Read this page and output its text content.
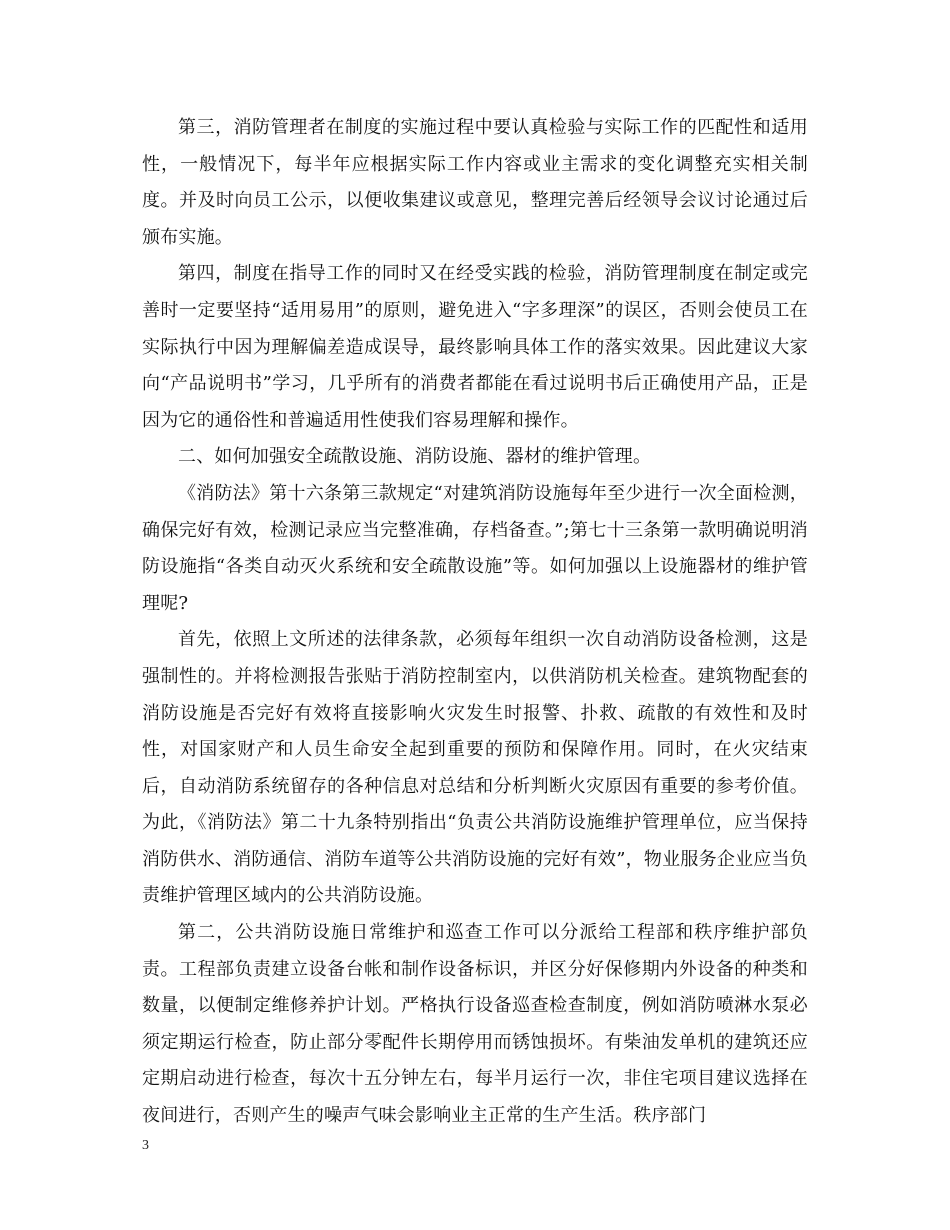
第三，消防管理者在制度的实施过程中要认真检验与实际工作的匹配性和适用性，一般情况下，每半年应根据实际工作内容或业主需求的变化调整充实相关制度。并及时向员工公示，以便收集建议或意见，整理完善后经领导会议讨论通过后颁布实施。

第四，制度在指导工作的同时又在经受实践的检验，消防管理制度在制定或完善时一定要坚持“适用易用”的原则，避免进入“字多理深”的误区，否则会使员工在实际执行中因为理解偏差造成误导，最终影响具体工作的落实效果。因此建议大家向“产品说明书”学习，几乎所有的消费者都能在看过说明书后正确使用产品，正是因为它的通俗性和普遍适用性使我们容易理解和操作。

二、如何加强安全疏散设施、消防设施、器材的维护管理。

《消防法》第十六条第三款规定“对建筑消防设施每年至少进行一次全面检测，确保完好有效，检测记录应当完整准确，存档备查。”;第七十三条第一款明确说明消防设施指“各类自动灭火系统和安全疏散设施”等。如何加强以上设施器材的维护管理呢?

首先，依照上文所述的法律条款，必须每年组织一次自动消防设备检测，这是强制性的。并将检测报告张贴于消防控制室内，以供消防机关检查。建筑物配套的消防设施是否完好有效将直接影响火灾发生时报警、扑救、疏散的有效性和及时性，对国家财产和人员生命安全起到重要的预防和保障作用。同时，在火灾结束后，自动消防系统留存的各种信息对总结和分析判断火灾原因有重要的参考价值。为此，《消防法》第二十九条特别指出“负责公共消防设施维护管理单位，应当保持消防供水、消防通信、消防车道等公共消防设施的完好有效”，物业服务企业应当负责维护管理区域内的公共消防设施。

第二，公共消防设施日常维护和巡查工作可以分派给工程部和秩序维护部负责。工程部负责建立设备台帐和制作设备标识，并区分好保修期内外设备的种类和数量，以便制定维修养护计划。严格执行设备巡查检查制度，例如消防喷淋水泵必须定期运行检查，防止部分零配件长期停用而锈蚀损坏。有柴油发单机的建筑还应定期启动进行检查，每次十五分钟左右，每半月运行一次，非住宅项目建议选择在夜间进行，否则产生的噪声气味会影响业主正常的生产生活。秩序部门

3
